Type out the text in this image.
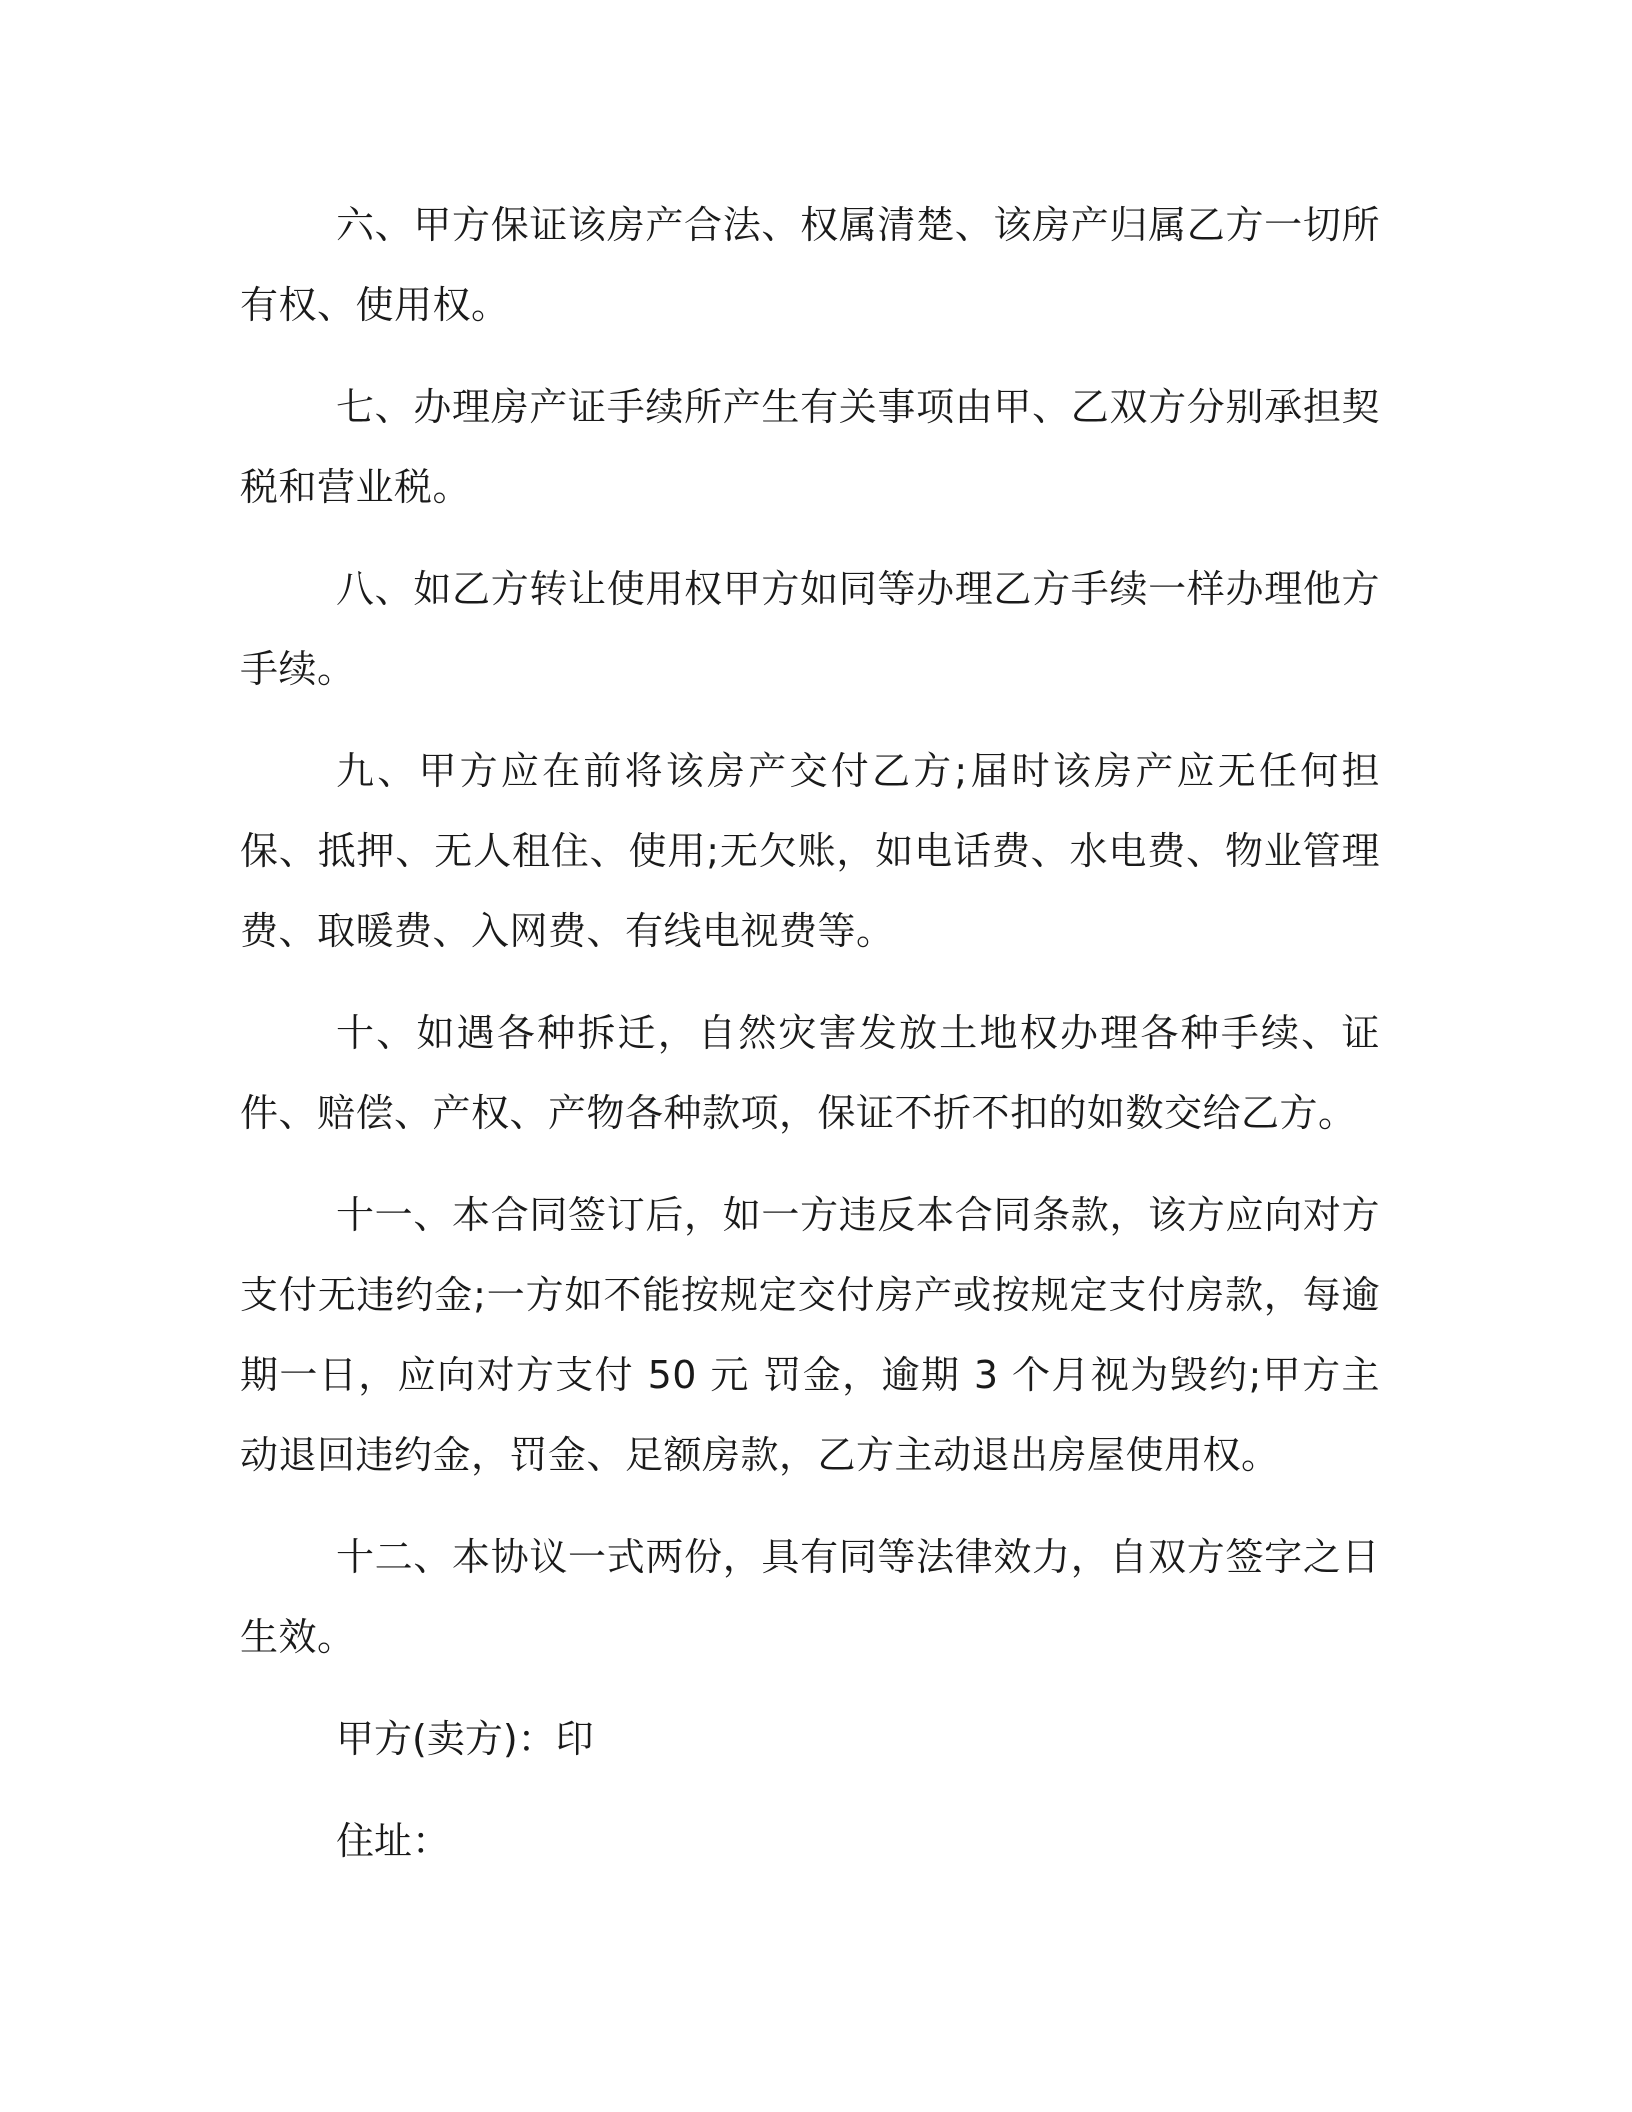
六、甲方保证该房产合法、权属清楚、该房产归属乙方一切所有权、使用权。

七、办理房产证手续所产生有关事项由甲、乙双方分别承担契税和营业税。

八、如乙方转让使用权甲方如同等办理乙方手续一样办理他方手续。

九、甲方应在前将该房产交付乙方;届时该房产应无任何担保、抵押、无人租住、使用;无欠账，如电话费、水电费、物业管理费、取暖费、入网费、有线电视费等。

十、如遇各种拆迁，自然灾害发放土地权办理各种手续、证件、赔偿、产权、产物各种款项，保证不折不扣的如数交给乙方。

十一、本合同签订后，如一方违反本合同条款，该方应向对方支付无违约金;一方如不能按规定交付房产或按规定支付房款，每逾期一日，应向对方支付 50 元 罚金，逾期 3 个月视为毁约;甲方主动退回违约金，罚金、足额房款，乙方主动退出房屋使用权。

十二、本协议一式两份，具有同等法律效力，自双方签字之日生效。

甲方(卖方)：印

住址：
